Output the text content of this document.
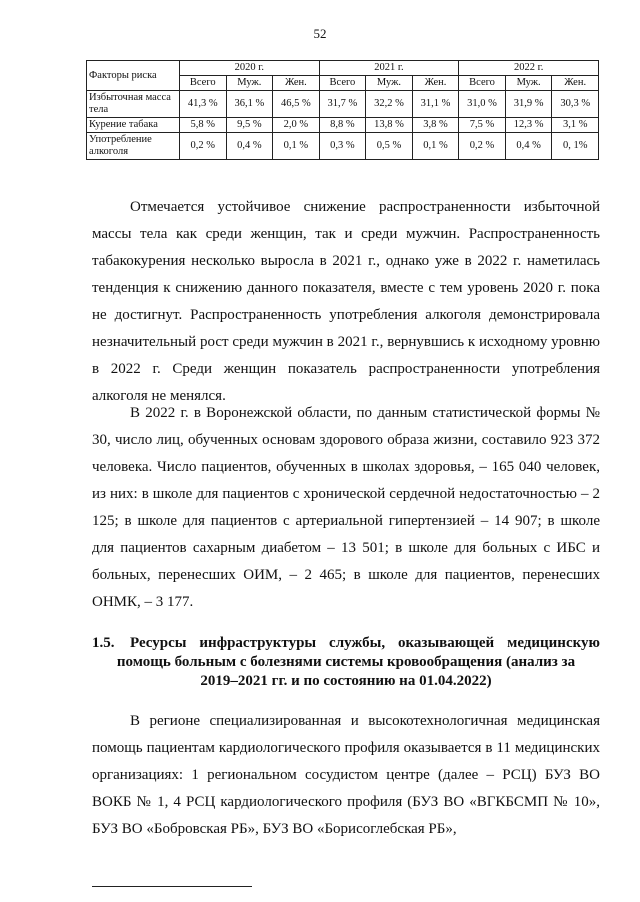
52
Факторы риска	2020 г.			2021 г.			2022 г.		
	Всего	Муж.	Жен.	Всего	Муж.	Жен.	Всего	Муж.	Жен.
Избыточная масса тела	41,3 %	36,1 %	46,5 %	31,7 %	32,2 %	31,1 %	31,0 %	31,9 %	30,3 %
Курение табака	5,8 %	9,5 %	2,0 %	8,8 %	13,8 %	3,8 %	7,5 %	12,3 %	3,1 %
Употребление алкоголя	0,2 %	0,4 %	0,1 %	0,3 %	0,5 %	0,1 %	0,2 %	0,4 %	0, 1%

Отмечается устойчивое снижение распространенности избыточной массы тела как среди женщин, так и среди мужчин. Распространенность табакокурения несколько выросла в 2021 г., однако уже в 2022 г. наметилась тенденция к снижению данного показателя, вместе с тем уровень 2020 г. пока не достигнут. Распространенность употребления алкоголя демонстрировала незначительный рост среди мужчин в 2021 г., вернувшись к исходному уровню в 2022 г. Среди женщин показатель распространенности употребления алкоголя не менялся.

В 2022 г. в Воронежской области, по данным статистической формы № 30, число лиц, обученных основам здорового образа жизни, составило 923 372 человека. Число пациентов, обученных в школах здоровья, – 165 040 человек, из них: в школе для пациентов с хронической сердечной недостаточностью – 2 125; в школе для пациентов с артериальной гипертензией – 14 907; в школе для пациентов сахарным диабетом – 13 501; в школе для больных с ИБС и больных, перенесших ОИМ, – 2 465; в школе для пациентов, перенесших ОНМК, – 3 177.

1.5. Ресурсы инфраструктуры службы, оказывающей медицинскую
помощь больным с болезнями системы кровообращения (анализ за
2019–2021 гг. и по состоянию на 01.04.2022)

В регионе специализированная и высокотехнологичная медицинская помощь пациентам кардиологического профиля оказывается в 11 медицинских организациях: 1 региональном сосудистом центре (далее – РСЦ) БУЗ ВО ВОКБ № 1, 4 РСЦ кардиологического профиля (БУЗ ВО «ВГКБСМП № 10», БУЗ ВО «Бобровская РБ», БУЗ ВО «Борисоглебская РБ»,
